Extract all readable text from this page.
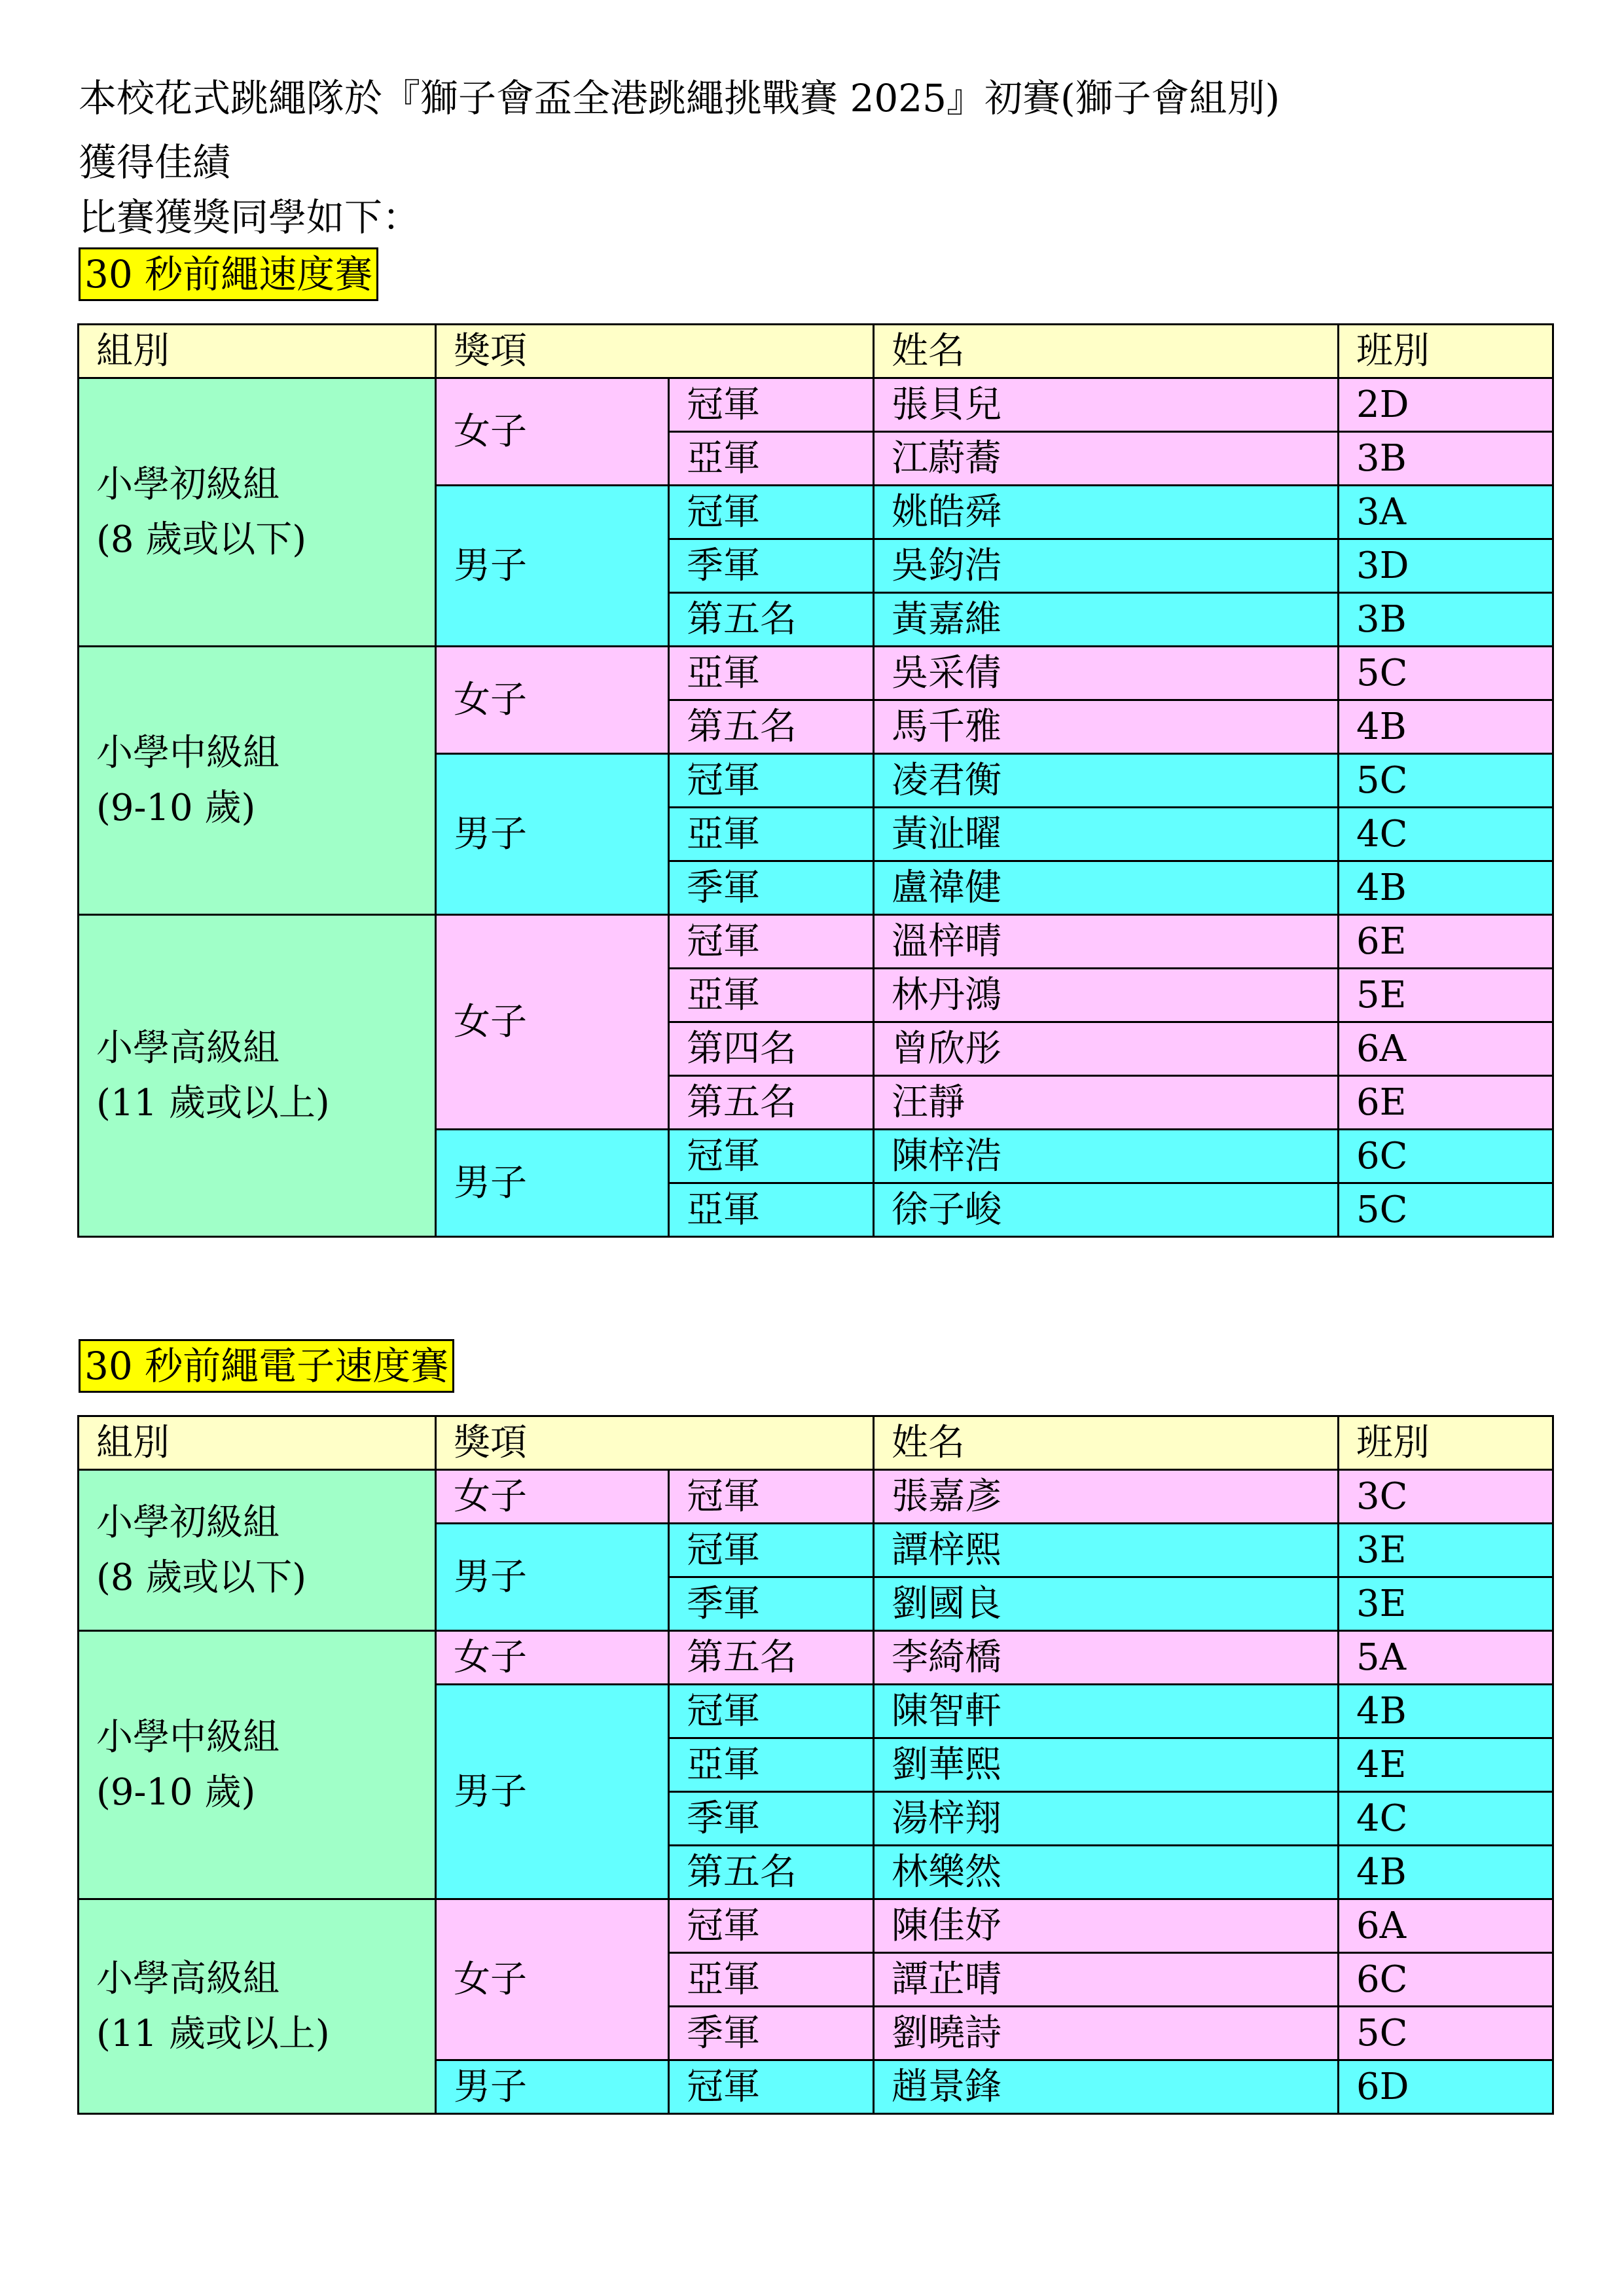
本校花式跳繩隊於『獅子會盃全港跳繩挑戰賽 2025』初賽(獅子會組別)
獲得佳績
比賽獲獎同學如下：
30 秒前繩速度賽
組別	獎項		姓名	班別

小學初級組
(8 歲或以下)	女子	冠軍	張貝兒	2D
		亞軍	江蔚蕎	3B
	男子	冠軍	姚皓舜	3A
		季軍	吳鈞浩	3D
		第五名	黃嘉維	3B

小學中級組
(9-10 歲)	女子	亞軍	吳采倩	5C
		第五名	馬千雅	4B
	男子	冠軍	凌君衡	5C
		亞軍	黃沚曜	4C
		季軍	盧禕健	4B

小學高級組
(11 歲或以上)	女子	冠軍	溫梓晴	6E
		亞軍	林丹鴻	5E
		第四名	曾欣彤	6A
		第五名	汪靜	6E
	男子	冠軍	陳梓浩	6C
		亞軍	徐子峻	5C
30 秒前繩電子速度賽
組別	獎項		姓名	班別

小學初級組
(8 歲或以下)	女子	冠軍	張嘉彥	3C
	男子	冠軍	譚梓熙	3E
		季軍	劉國良	3E

小學中級組
(9-10 歲)	女子	第五名	李綺橋	5A
	男子	冠軍	陳智軒	4B
		亞軍	劉華熙	4E
		季軍	湯梓翔	4C
		第五名	林樂然	4B

小學高級組
(11 歲或以上)	女子	冠軍	陳佳妤	6A
		亞軍	譚芷晴	6C
		季軍	劉曉詩	5C
	男子	冠軍	趙景鋒	6D
